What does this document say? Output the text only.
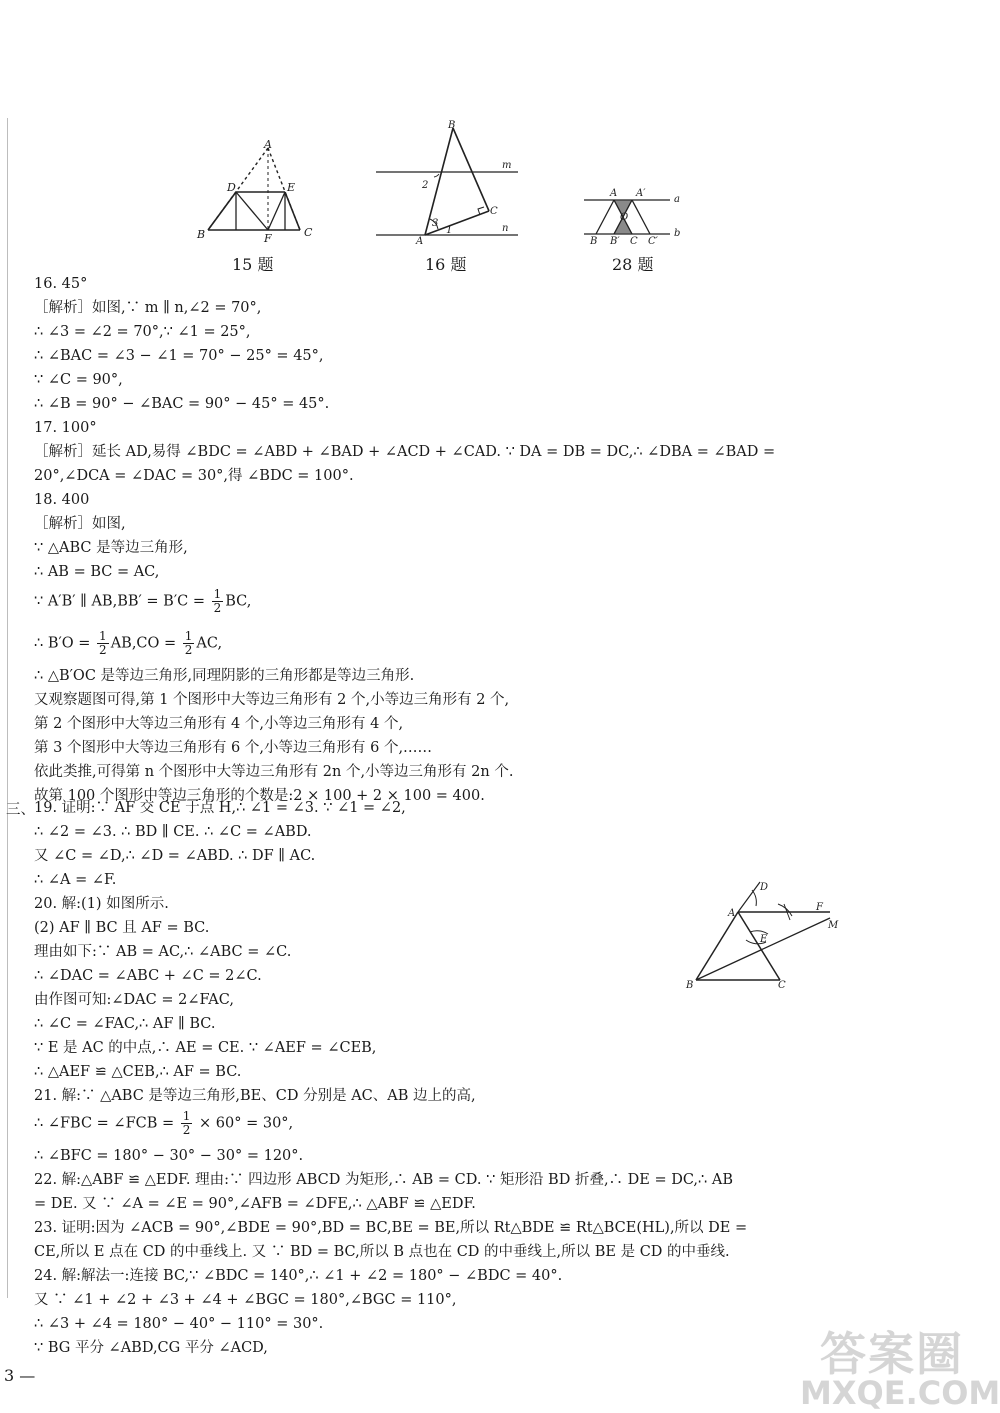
A
D	E
B	F	C
15 题
B
m
n
A
C
2
3
1
16 题
A A′
a
O
B B′ C C′
b
28 题
D
A
F
M
E
B	C
16. 45°
［解析］如图,∵ m ∥ n,∠2 = 70°,
∴ ∠3 = ∠2 = 70°,∵ ∠1 = 25°,
∴ ∠BAC = ∠3 − ∠1 = 70° − 25° = 45°,
∵ ∠C = 90°,
∴ ∠B = 90° − ∠BAC = 90° − 45° = 45°.
17. 100°
［解析］延长 AD,易得 ∠BDC = ∠ABD + ∠BAD + ∠ACD + ∠CAD. ∵ DA = DB = DC,∴ ∠DBA = ∠BAD =
20°,∠DCA = ∠DAC = 30°,得 ∠BDC = 100°.
18. 400
［解析］如图,
∵ △ABC 是等边三角形,
∴ AB = BC = AC,
∵ A′B′ ∥ $AB,BB' = B'C = \frac{1}{2}$ BC,
∴ $B'O = \frac{1}{2} AB,CO = \frac{1}{2}$ AC,
∴ △B′OC 是等边三角形,同理阴影的三角形都是等边三角形.
又观察题图可得,第 1 个图形中大等边三角形有 2 个,小等边三角形有 2 个,
第 2 个图形中大等边三角形有 4 个,小等边三角形有 4 个,
第 3 个图形中大等边三角形有 6 个,小等边三角形有 6 个,……
依此类推,可得第 n 个图形中大等边三角形有 2n 个,小等边三角形有 2n 个.
故第 100 个图形中等边三角形的个数是:2 × 100 + 2 × 100 = 400.
三、 19. 证明:∵ AF 交 CE 于点 H,∴ ∠1 = ∠3. ∵ ∠1 = ∠2,
∴ ∠2 = ∠3. ∴ BD ∥ CE. ∴ ∠C = ∠ABD.
又 ∠C = ∠D,∴ ∠D = ∠ABD. ∴ DF ∥ AC.
∴ ∠A = ∠F.
20. 解:(1) 如图所示.
(2) AF ∥ BC 且 AF = BC.
理由如下:∵ AB = AC,∴ ∠ABC = ∠C.
∴ ∠DAC = ∠ABC + ∠C = 2∠C.
由作图可知:∠DAC = 2∠FAC,
∴ ∠C = ∠FAC,∴ AF ∥ BC.
∵ E 是 AC 的中点,∴ AE = CE. ∵ ∠AEF = ∠CEB,
∴ △AEF ≌ △CEB,∴ AF = BC.
21. 解:∵ △ABC 是等边三角形,BE、CD 分别是 AC、AB 边上的高,
∴ ∠FBC = ∠FCB = $\frac{1}{2} \times 60^\circ = 30^\circ$,
∴ ∠BFC = 180° − 30° − 30° = 120°.
22. 解:△ABF ≌ △EDF. 理由:∵ 四边形 ABCD 为矩形,∴ AB = CD. ∵ 矩形沿 BD 折叠,∴ DE = DC,∴ AB
= DE. 又 ∵ ∠A = ∠E = 90°,∠AFB = ∠DFE,∴ △ABF ≌ △EDF.
23. 证明:因为 ∠ACB = 90°,∠BDE = 90°,BD = BC,BE = BE,所以 Rt△BDE ≌ Rt△BCE(HL),所以 DE =
CE,所以 E 点在 CD 的中垂线上. 又 ∵ BD = BC,所以 B 点也在 CD 的中垂线上,所以 BE 是 CD 的中垂线.
24. 解:解法一:连接 BC,∵ ∠BDC = 140°,∴ ∠1 + ∠2 = 180° − ∠BDC = 40°.
又 ∵ ∠1 + ∠2 + ∠3 + ∠4 + ∠BGC = 180°,∠BGC = 110°,
∴ ∠3 + ∠4 = 180° − 40° − 110° = 30°.
∵ BG 平分 ∠ABD,CG 平分 ∠ACD,
3 —	答案圈
MXQE.COM
